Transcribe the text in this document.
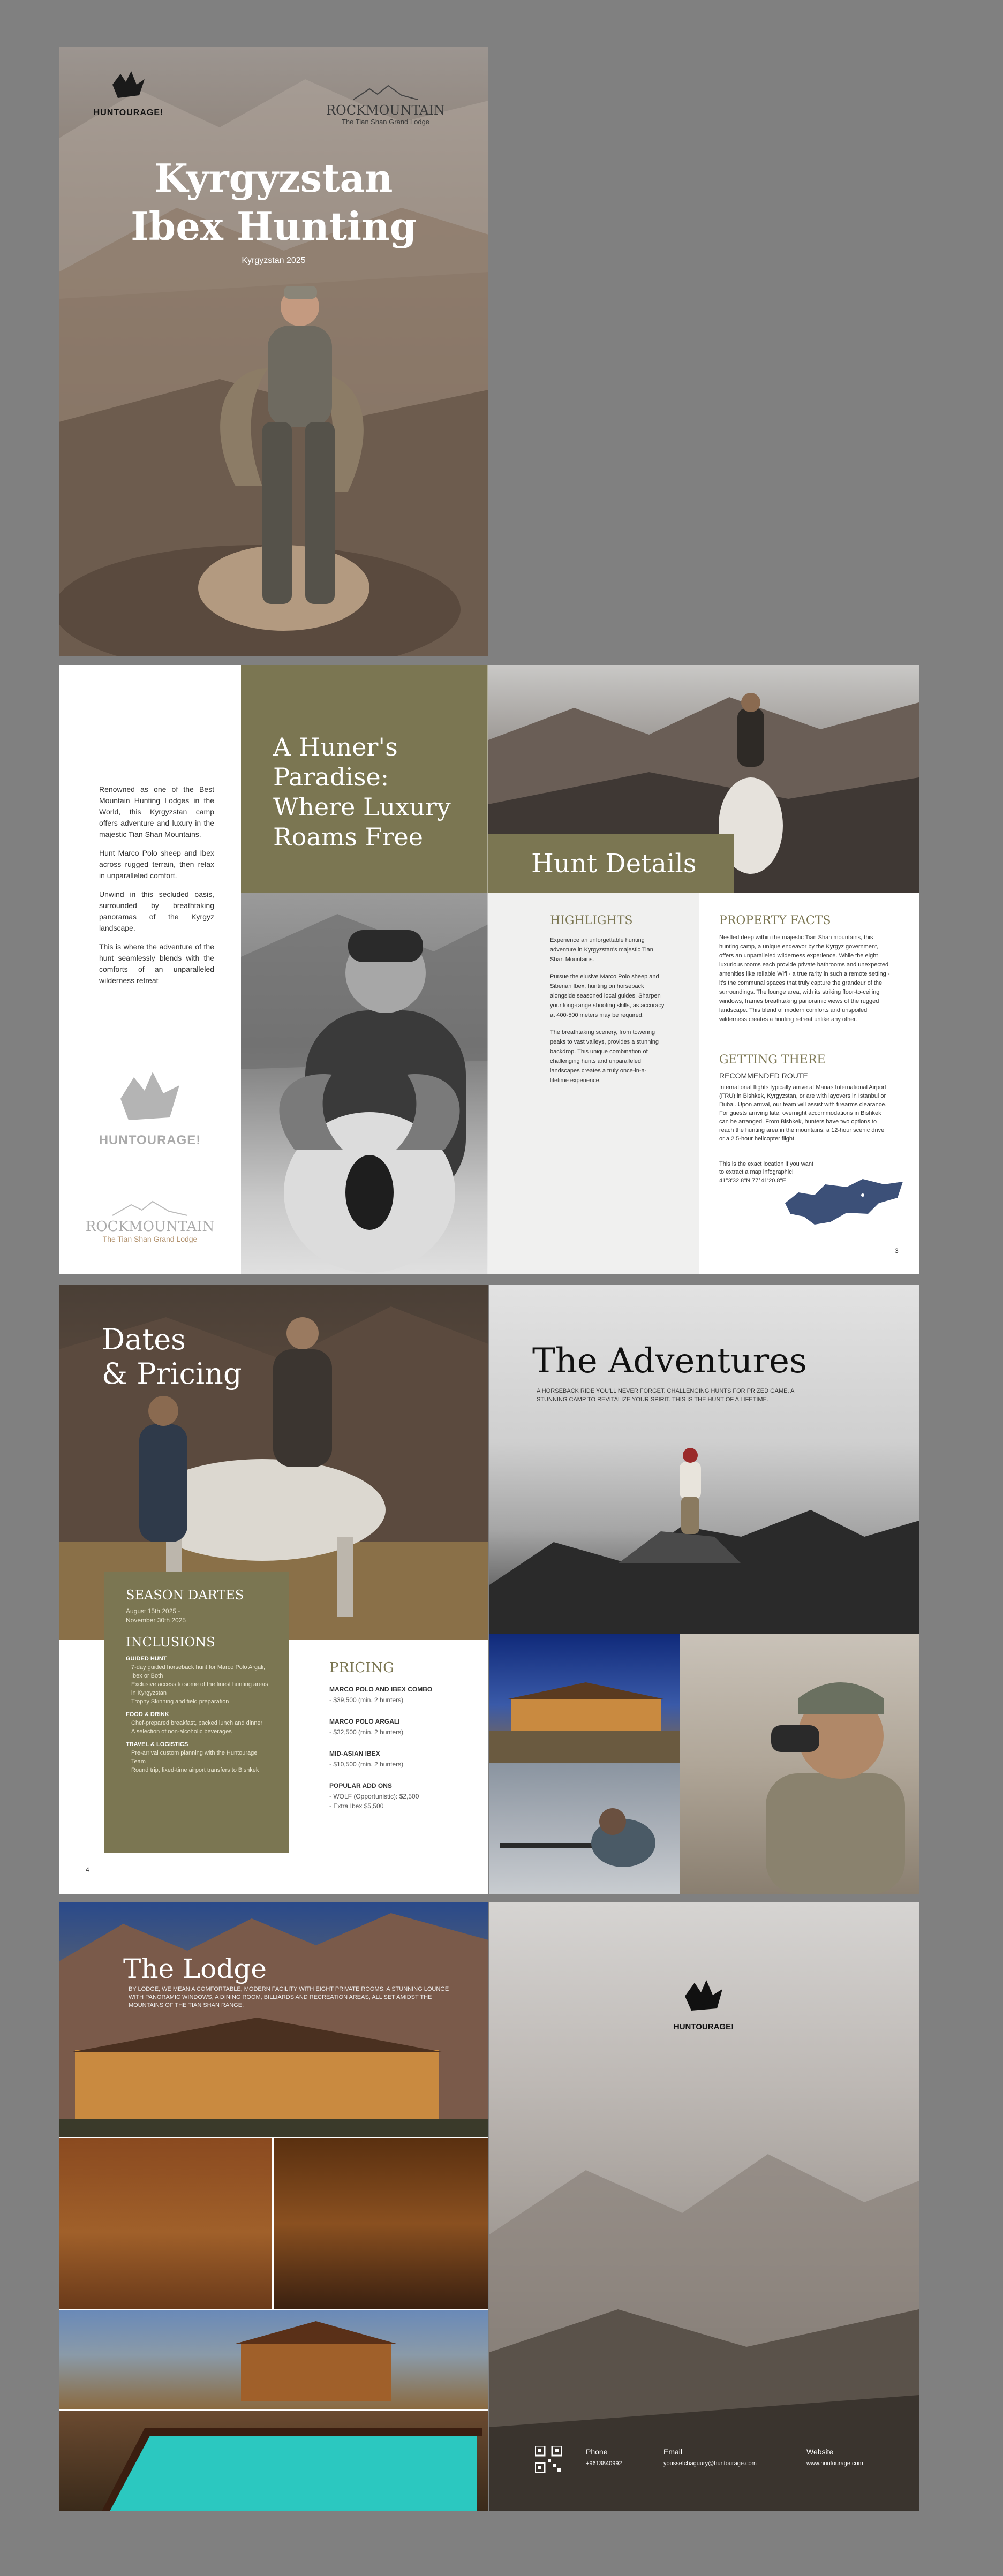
HUNTOURAGE!	ROCKMOUNTAIN
The Tian Shan Grand Lodge
Kyrgyzstan
Ibex Hunting
Kyrgyzstan 2025

Renowned as one of the Best Mountain Hunting Lodges in the World, this Kyrgyzstan camp offers adventure and luxury in the majestic Tian Shan Mountains.

Hunt Marco Polo sheep and Ibex across rugged terrain, then relax in unparalleled comfort.

Unwind in this secluded oasis, surrounded by breathtaking panoramas of the Kyrgyz landscape.

This is where the adventure of the hunt seamlessly blends with the comforts of an unparalleled wilderness retreat

HUNTOURAGE!
ROCKMOUNTAIN
The Tian Shan Grand Lodge
A Huner's
Paradise:
Where Luxury
Roams Free
Hunt Details
HIGHLIGHTS

Experience an unforgettable hunting adventure in Kyrgyzstan's majestic Tian Shan Mountains.

Pursue the elusive Marco Polo sheep and Siberian Ibex, hunting on horseback alongside seasoned local guides. Sharpen your long-range shooting skills, as accuracy at 400-500 meters may be required.

The breathtaking scenery, from towering peaks to vast valleys, provides a stunning backdrop. This unique combination of challenging hunts and unparalleled landscapes creates a truly once-in-a-lifetime experience.

PROPERTY FACTS
Nestled deep within the majestic Tian Shan mountains, this hunting camp, a unique endeavor by the Kyrgyz government, offers an unparalleled wilderness experience. While the eight luxurious rooms each provide private bathrooms and unexpected amenities like reliable Wifi - a true rarity in such a remote setting - it's the communal spaces that truly capture the grandeur of the surroundings. The lounge area, with its striking floor-to-ceiling windows, frames breathtaking panoramic views of the rugged landscape. This blend of modern comforts and unspoiled wilderness creates a hunting retreat unlike any other.
GETTING THERE
RECOMMENDED ROUTE
International flights typically arrive at Manas International Airport (FRU) in Bishkek, Kyrgyzstan, or are with layovers in Istanbul or Dubai. Upon arrival, our team will assist with firearms clearance. For guests arriving late, overnight accommodations in Bishkek can be arranged. From Bishkek, hunters have two options to reach the hunting area in the mountains: a 12-hour scenic drive or a 2.5-hour helicopter flight.
This is the exact location if you want to extract a map infographic!
41°3'32.8"N 77°41'20.8"E
3
Dates
& Pricing
SEASON DARTES
August 15th 2025 -
November 30th 2025
INCLUSIONS
GUIDED HUNT
7-day guided horseback hunt for Marco Polo Argali, Ibex or Both
Exclusive access to some of the finest hunting areas in Kyrgyzstan
Trophy Skinning and field preparation
FOOD & DRINK
Chef-prepared breakfast, packed lunch and dinner
A selection of non-alcoholic beverages
TRAVEL & LOGISTICS
Pre-arrival custom planning with the Huntourage Team
Round trip, fixed-time airport transfers to Bishkek
PRICING
MARCO POLO AND IBEX COMBO
- $39,500 (min. 2 hunters)
MARCO POLO ARGALI
- $32,500 (min. 2 hunters)
MID-ASIAN IBEX
- $10,500 (min. 2 hunters)
POPULAR ADD ONS
- WOLF (Opportunistic): $2,500
- Extra Ibex $5,500
4
The Adventures
A HORSEBACK RIDE YOU'LL NEVER FORGET. CHALLENGING HUNTS FOR PRIZED GAME. A STUNNING CAMP TO REVITALIZE YOUR SPIRIT. THIS IS THE HUNT OF A LIFETIME.
The Lodge
BY LODGE, WE MEAN A COMFORTABLE, MODERN FACILITY WITH EIGHT PRIVATE ROOMS, A STUNNING LOUNGE WITH PANORAMIC WINDOWS, A DINING ROOM, BILLIARDS AND RECREATION AREAS, ALL SET AMIDST THE MOUNTAINS OF THE TIAN SHAN RANGE.
HUNTOURAGE!
Phone
+9613840992
Email
youssefchaguury@huntourage.com
Website
www.huntourage.com
